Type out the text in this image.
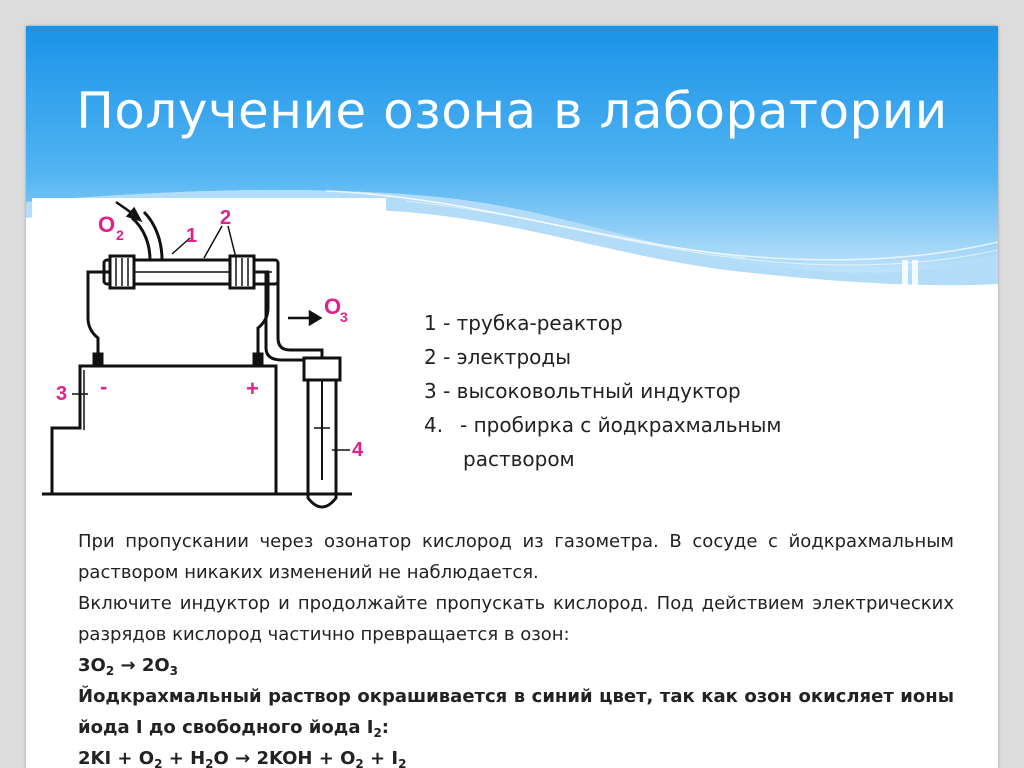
Получение озона в лаборатории
O 2
O
3
1
2
3
4
-	+
1 - трубка-реактор
2 - электроды
3 - высоковольтный индуктор
4. - пробирка с йодкрахмальным
раствором

При пропускании через озонатор кислород из газометра. В сосуде с йодкрахмальным раствором никаких изменений не наблюдается.

Включите индуктор и продолжайте пропускать кислород. Под действием электрических разрядов кислород частично превращается в озон:

$3O_2 \to 2O_3$

Йодкрахмальный раствор окрашивается в синий цвет, так как озон окисляет ионы йода I до свободного йода $I_2$:

$2KI + O_2 + H_2O \to 2KOH + O_2 + I_2$
